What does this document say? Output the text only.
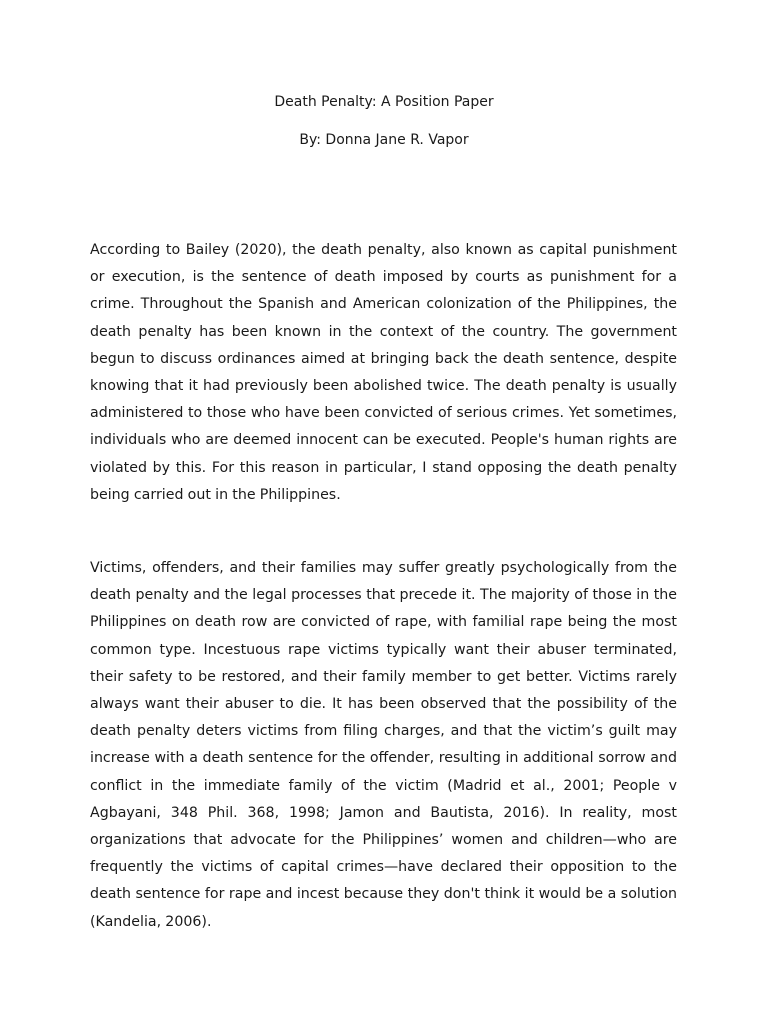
Death Penalty: A Position Paper

By: Donna Jane R. Vapor

According to Bailey (2020), the death penalty, also known as capital punishment or execution, is the sentence of death imposed by courts as punishment for a crime. Throughout the Spanish and American colonization of the Philippines, the death penalty has been known in the context of the country. The government begun to discuss ordinances aimed at bringing back the death sentence, despite knowing that it had previously been abolished twice. The death penalty is usually administered to those who have been convicted of serious crimes. Yet sometimes, individuals who are deemed innocent can be executed. People's human rights are violated by this. For this reason in particular, I stand opposing the death penalty being carried out in the Philippines.

Victims, offenders, and their families may suffer greatly psychologically from the death penalty and the legal processes that precede it. The majority of those in the Philippines on death row are convicted of rape, with familial rape being the most common type. Incestuous rape victims typically want their abuser terminated, their safety to be restored, and their family member to get better. Victims rarely always want their abuser to die. It has been observed that the possibility of the death penalty deters victims from filing charges, and that the victim’s guilt may increase with a death sentence for the offender, resulting in additional sorrow and conflict in the immediate family of the victim (Madrid et al., 2001; People v Agbayani, 348 Phil. 368, 1998; Jamon and Bautista, 2016). In reality, most organizations that advocate for the Philippines’ women and children—who are frequently the victims of capital crimes—have declared their opposition to the death sentence for rape and incest because they don't think it would be a solution (Kandelia, 2006).
